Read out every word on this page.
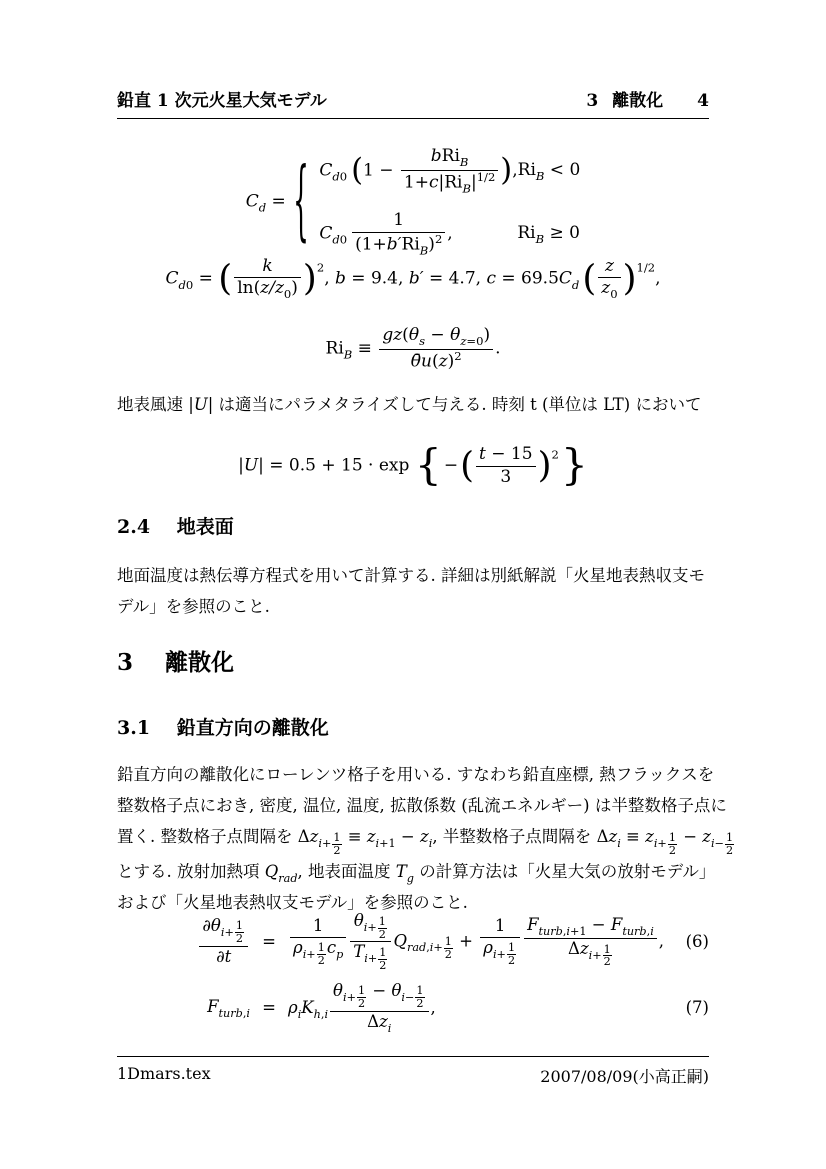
鉛直 1 次元火星大気モデル	3 離散化 4
$C_d$ = { $C_{d0}$ (1 −
bRi$_B$
$1+c|Ri_B|^{1/2}$ )$,Ri_B < 0$
$C_{d0}$
1
$(1+b'Ri_B)^2$ ,	$Ri_B \ge 0$
$C_{d0}$ = ( $\frac{k}{\ln(z/z_0)} )^2$, b = 9.4, b′ = 4.7, $c = 69.5C_d( \frac{z}{z_0} )^{1/2}$,
$Ri_B \equiv \frac{gz(\theta_s - \theta_{z=0})}{\thetāu(z)^2}$ .
地表風速 |U| は適当にパラメタライズして与える. 時刻 t (単位は LT) において
|U| = 0.5 + 15 · exp { −( $\frac{t - 15}{3} )^2$}
2.4 地表面
地面温度は熱伝導方程式を用いて計算する. 詳細は別紙解説「火星地表熱収支モ
デル」を参照のこと.
3 離散化
3.1 鉛直方向の離散化
鉛直方向の離散化にローレンツ格子を用いる. すなわち鉛直座標, 熱フラックスを
整数格子点におき, 密度, 温位, 温度, 拡散係数 (乱流エネルギー) は半整数格子点に
置く. 整数格子点間隔を $\Delta z_{i+ \frac{1}{2}} \equiv z_{i+1} - z_i$, 半整数格子点間隔を $\Delta z_i \equiv z_{i+ \frac{1}{2}} - z_{i- \frac{1}{2}}$
とする. 放射加熱項 $Q_{rad}$, 地表面温度 $T_g$ の計算方法は「火星大気の放射モデル」
および「火星地表熱収支モデル」を参照のこと.
$\partial\theta_{i+ \frac{1}{2}}$
∂t = 1
$\rho_{i+ \frac{1}{2}}$ $c_p$ $\theta_{i+ \frac{1}{2}}$
$T_{i+ \frac{1}{2}}$ $Q_{rad,i+ \frac{1}{2}} + 1$
$\rho_{i+ \frac{1}{2}}$ $F_{turb,i+1} - F_{turb,i}$
$\Delta z_{i+ \frac{1}{2}}$
,	(6)
$F_{turb,i} = \rho_iK_{h,i}$
$\theta_{i+ \frac{1}{2}} - \theta_{i- \frac{1}{2}}$
$\Delta z_i$
,	(7)
1Dmars.tex	2007/08/09(小高正嗣)
